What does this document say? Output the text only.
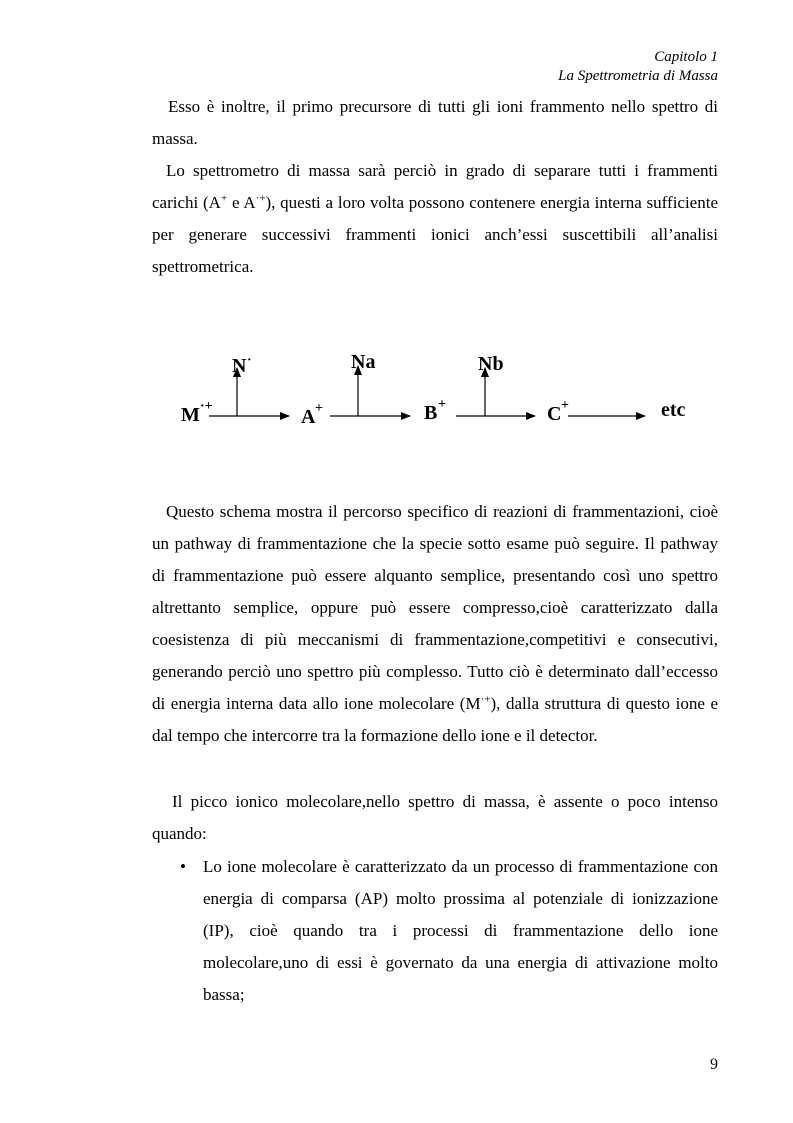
Capitolo 1
La Spettrometria di Massa

Esso è inoltre, il primo precursore di tutti gli ioni frammento nello spettro di massa.

Lo spettrometro di massa sarà perciò in grado di separare tutti i frammenti carichi (A+ e A·+), questi a loro volta possono contenere energia interna sufficiente per generare successivi frammenti ionici anch’essi suscettibili all’analisi spettrometrica.

M ·+	A +	B +	C +	etc
N ·	Na	Nb

Questo schema mostra il percorso specifico di reazioni di frammentazioni, cioè un pathway di frammentazione che la specie sotto esame può seguire. Il pathway di frammentazione può essere alquanto semplice, presentando così uno spettro altrettanto semplice, oppure può essere compresso,cioè caratterizzato dalla coesistenza di più meccanismi di frammentazione,competitivi e consecutivi, generando perciò uno spettro più complesso. Tutto ciò è determinato dall’eccesso di energia interna data allo ione molecolare (M·+), dalla struttura di questo ione e dal tempo che intercorre tra la formazione dello ione e il detector.

Il picco ionico molecolare,nello spettro di massa, è assente o poco intenso quando:

• Lo ione molecolare è caratterizzato da un processo di frammentazione con energia di comparsa (AP) molto prossima al potenziale di ionizzazione (IP), cioè quando tra i processi di frammentazione dello ione molecolare,uno di essi è governato da una energia di attivazione molto bassa;
9
